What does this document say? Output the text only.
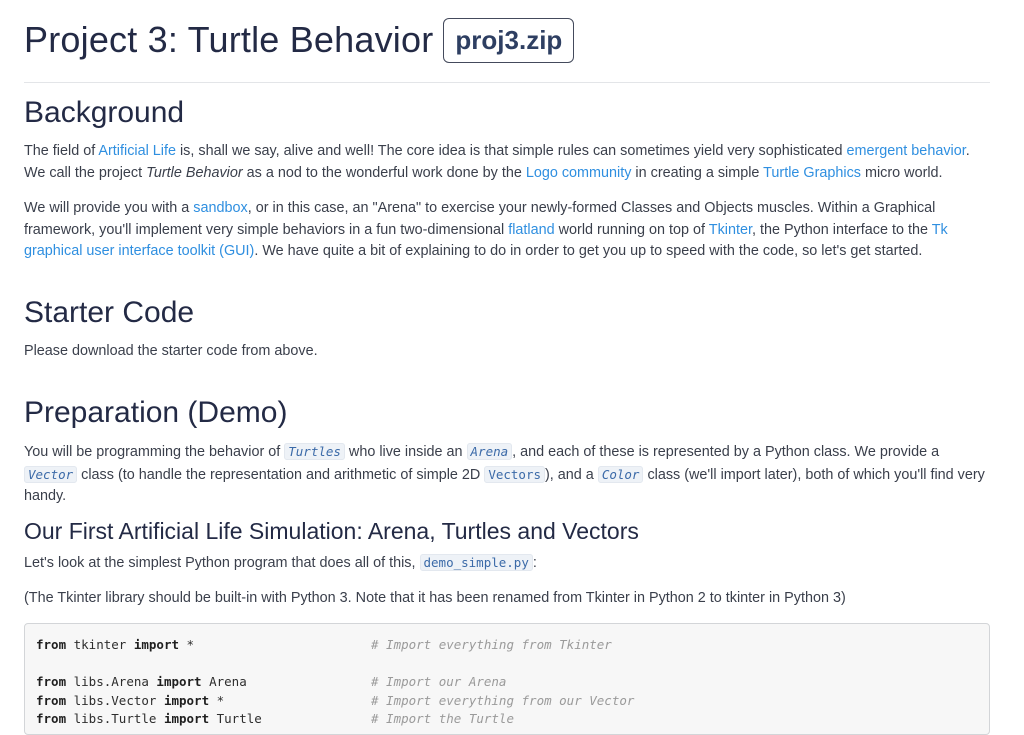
Project 3: Turtle Behavior proj3.zip
Background

The field of Artificial Life is, shall we say, alive and well! The core idea is that simple rules can sometimes yield very sophisticated emergent behavior. We call the project Turtle Behavior as a nod to the wonderful work done by the Logo community in creating a simple Turtle Graphics micro world.

We will provide you with a sandbox, or in this case, an "Arena" to exercise your newly-formed Classes and Objects muscles. Within a Graphical framework, you'll implement very simple behaviors in a fun two-dimensional flatland world running on top of Tkinter, the Python interface to the Tk graphical user interface toolkit (GUI). We have quite a bit of explaining to do in order to get you up to speed with the code, so let's get started.

Starter Code

Please download the starter code from above.

Preparation (Demo)

You will be programming the behavior of Turtles who live inside an Arena , and each of these is represented by a Python class. We provide a Vector class (to handle the representation and arithmetic of simple 2D Vectors ), and a Color class (we'll import later), both of which you'll find very handy.

Our First Artificial Life Simulation: Arena, Turtles and Vectors

Let's look at the simplest Python program that does all of this, demo_simple.py :

(The Tkinter library should be built-in with Python 3. Note that it has been renamed from Tkinter in Python 2 to tkinter in Python 3)

from tkinter import *	# Import everything from Tkinter
from libs.Arena import Arena	# Import our Arena
from libs.Vector import *	# Import everything from our Vector
from libs.Turtle import Turtle	# Import the Turtle
